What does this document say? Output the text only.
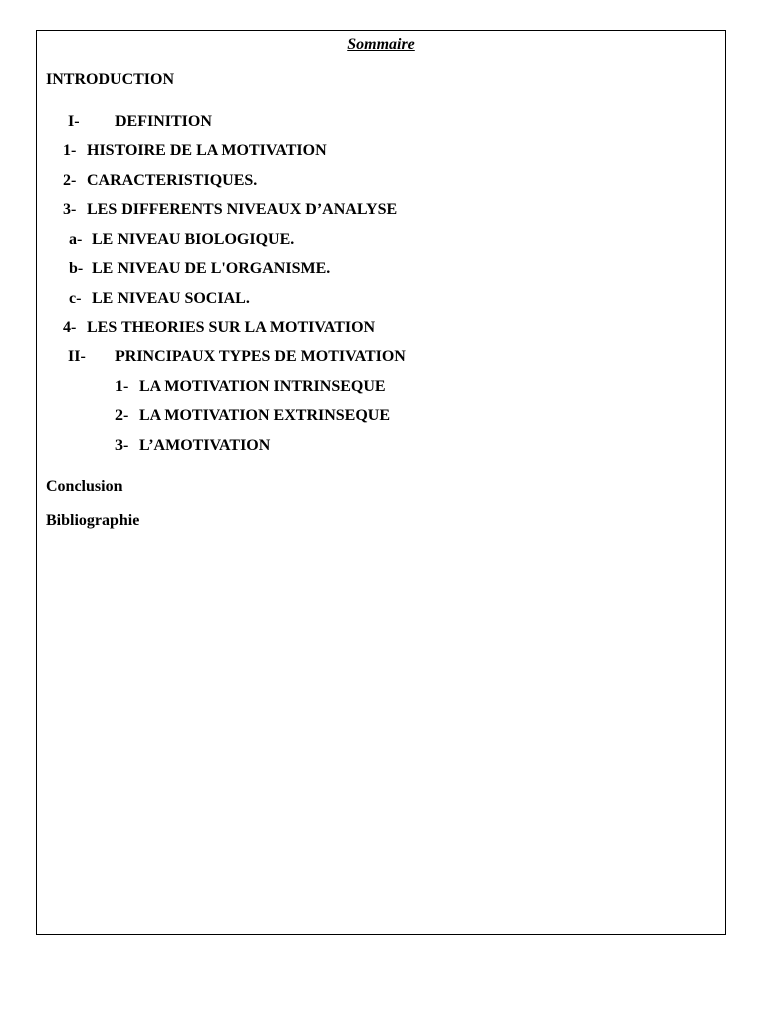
Sommaire
INTRODUCTION
I- DEFINITION
1- HISTOIRE DE LA MOTIVATION
2- CARACTERISTIQUES.
3- LES DIFFERENTS NIVEAUX D’ANALYSE
a- LE NIVEAU BIOLOGIQUE.
b- LE NIVEAU DE L'ORGANISME.
c- LE NIVEAU SOCIAL.
4- LES THEORIES SUR LA MOTIVATION
II- PRINCIPAUX TYPES DE MOTIVATION
1- LA MOTIVATION INTRINSEQUE
2- LA MOTIVATION EXTRINSEQUE
3- L’AMOTIVATION
Conclusion
Bibliographie
